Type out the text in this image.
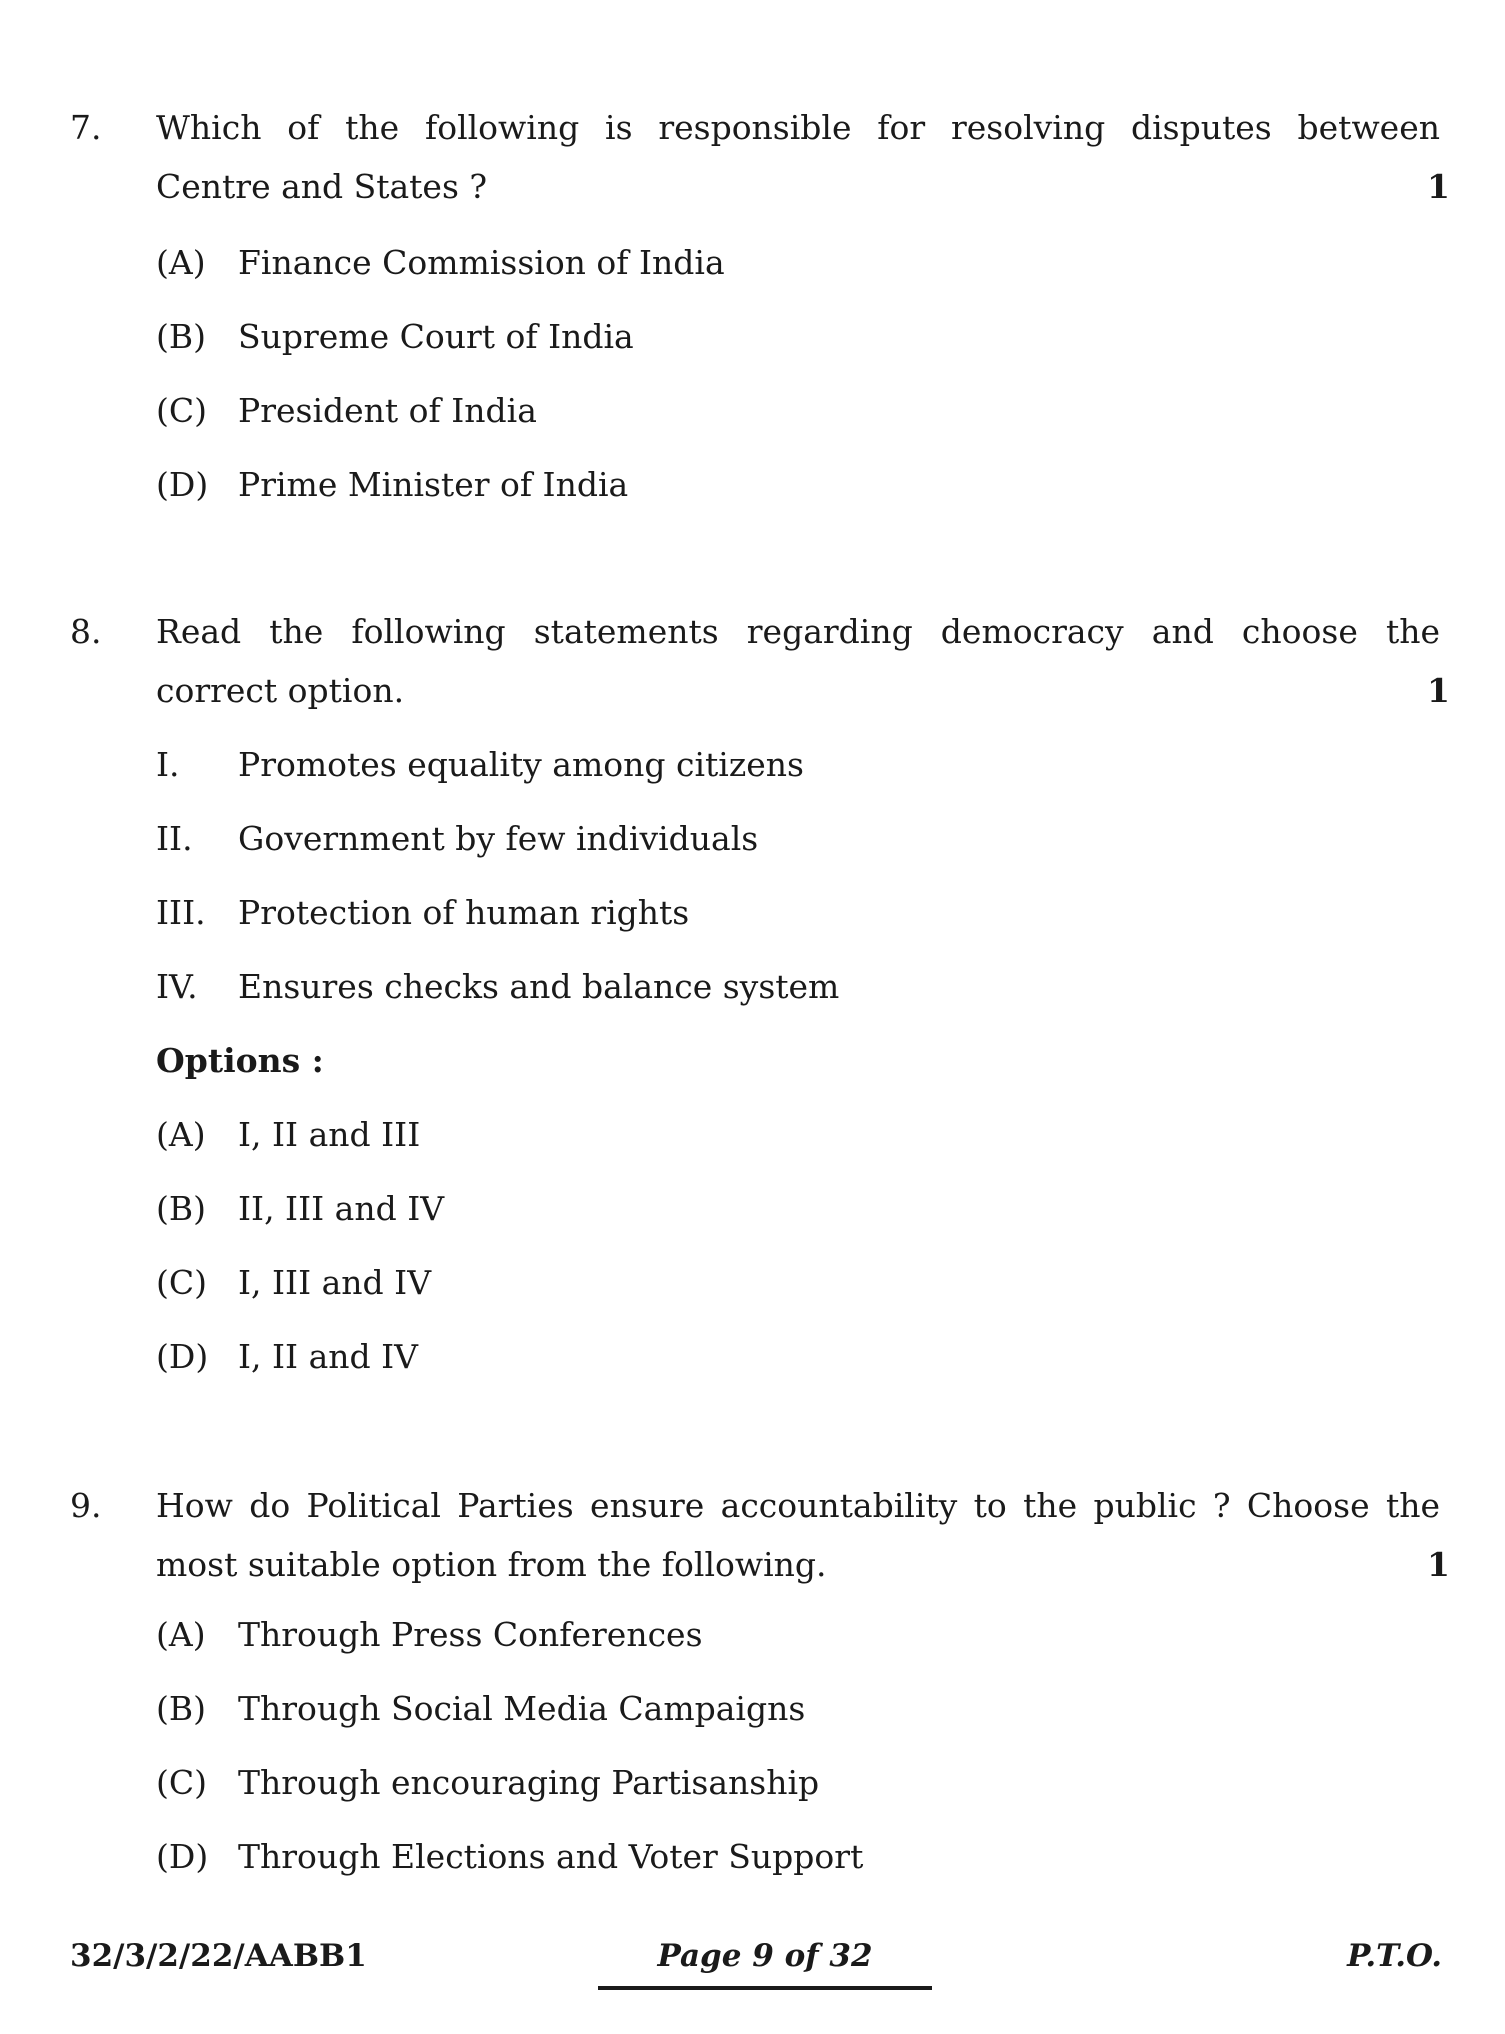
7. Which of the following is responsible for resolving disputes between
Centre and States ?	1
(A) Finance Commission of India
(B) Supreme Court of India
(C) President of India
(D) Prime Minister of India
8. Read the following statements regarding democracy and choose the
correct option.	1
I. Promotes equality among citizens
II. Government by few individuals
III. Protection of human rights
IV. Ensures checks and balance system
Options :
(A) I, II and III
(B) II, III and IV
(C) I, III and IV
(D) I, II and IV
9. How do Political Parties ensure accountability to the public ? Choose the
most suitable option from the following.	1
(A) Through Press Conferences
(B) Through Social Media Campaigns
(C) Through encouraging Partisanship
(D) Through Elections and Voter Support
32/3/2/22/AABB1	Page 9 of 32	P.T.O.
